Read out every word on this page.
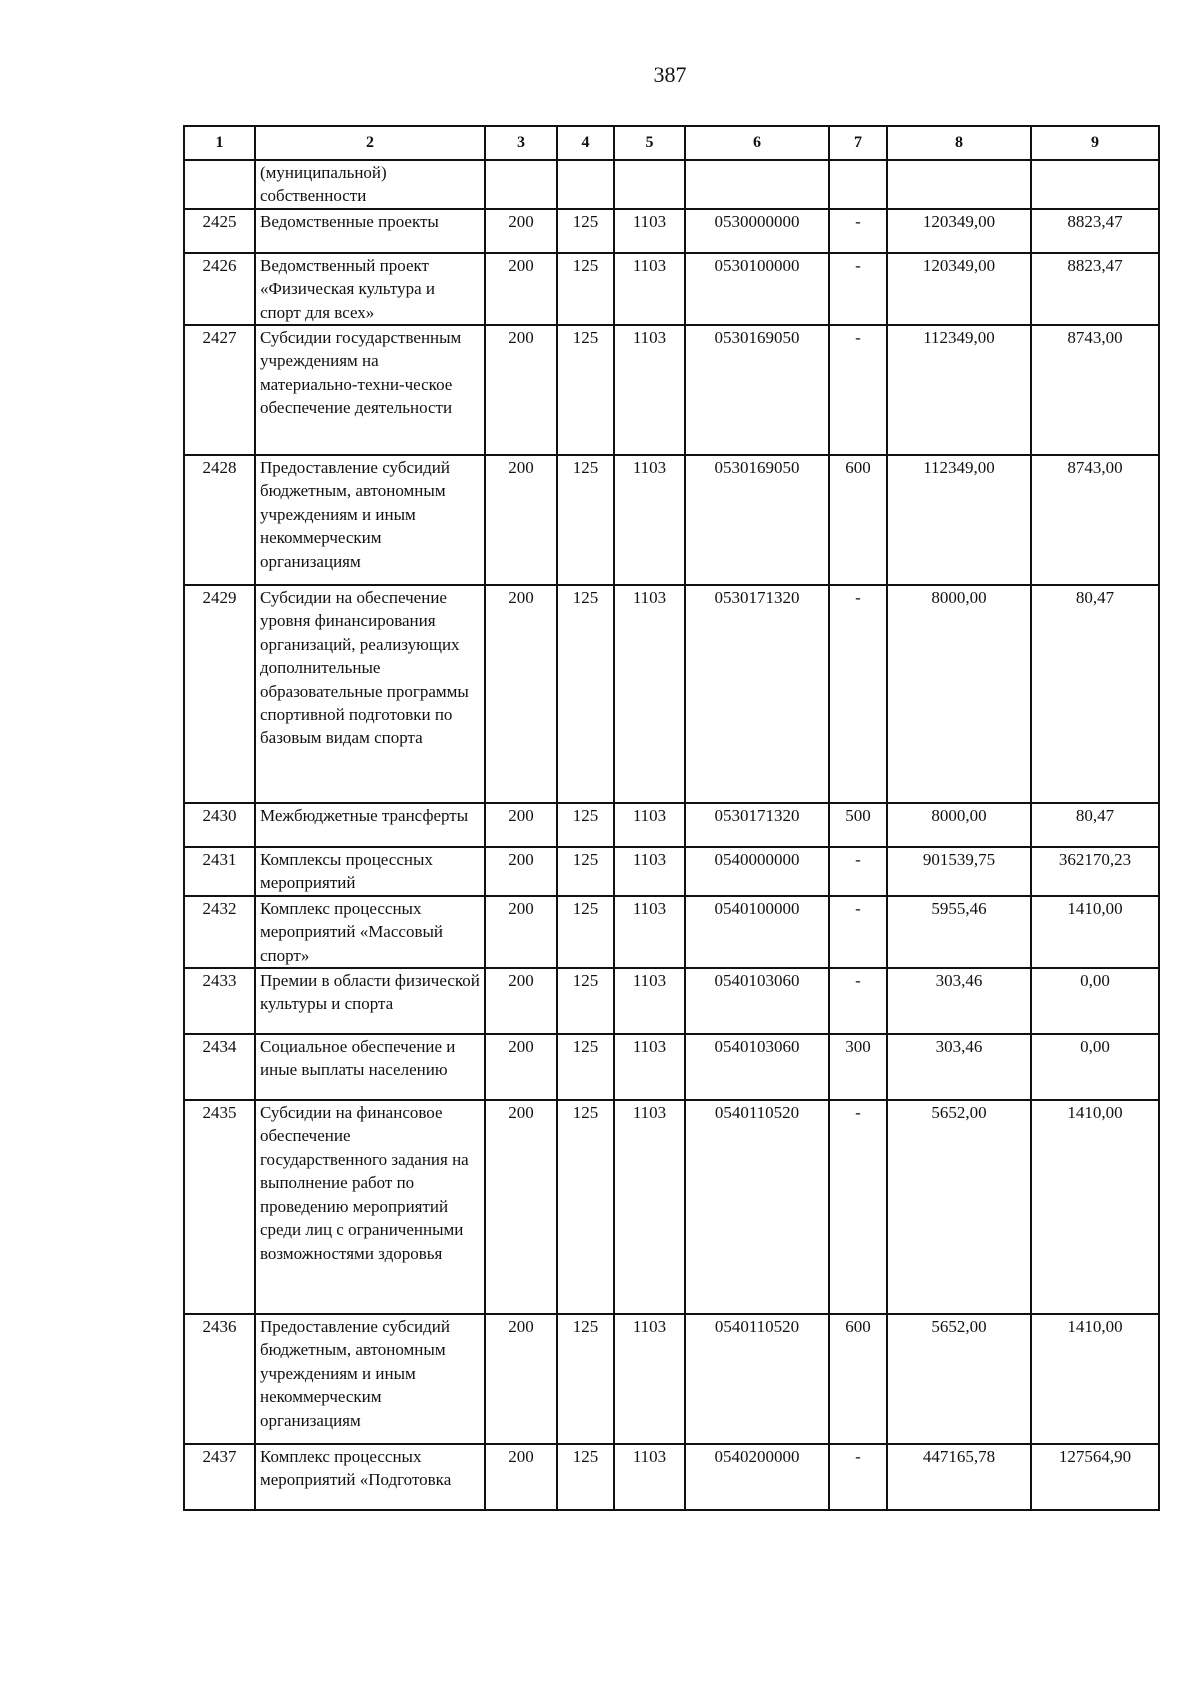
387
1	2	3	4	5	6	7	8	9
	(муниципальной) собственности							
2425	Ведомственные проекты	200	125	1103	0530000000	-	120349,00	8823,47
2426	Ведомственный проект «Физическая культура и спорт для всех»	200	125	1103	0530100000	-	120349,00	8823,47
2427	Субсидии государственным учреждениям на материально-техни-ческое обеспечение деятельности	200	125	1103	0530169050	-	112349,00	8743,00
2428	Предоставление субсидий бюджетным, автономным учреждениям и иным некоммерческим организациям	200	125	1103	0530169050	600	112349,00	8743,00
2429	Субсидии на обеспечение уровня финансирования организаций, реализующих дополнительные образовательные программы спортивной подготовки по базовым видам спорта	200	125	1103	0530171320	-	8000,00	80,47
2430	Межбюджетные трансферты	200	125	1103	0530171320	500	8000,00	80,47
2431	Комплексы процессных мероприятий	200	125	1103	0540000000	-	901539,75	362170,23
2432	Комплекс процессных мероприятий «Массовый спорт»	200	125	1103	0540100000	-	5955,46	1410,00
2433	Премии в области физической культуры и спорта	200	125	1103	0540103060	-	303,46	0,00
2434	Социальное обеспечение и иные выплаты населению	200	125	1103	0540103060	300	303,46	0,00
2435	Субсидии на финансовое обеспечение государственного задания на выполнение работ по проведению мероприятий среди лиц с ограниченными возможностями здоровья	200	125	1103	0540110520	-	5652,00	1410,00
2436	Предоставление субсидий бюджетным, автономным учреждениям и иным некоммерческим организациям	200	125	1103	0540110520	600	5652,00	1410,00
2437	Комплекс процессных мероприятий «Подготовка	200	125	1103	0540200000	-	447165,78	127564,90
